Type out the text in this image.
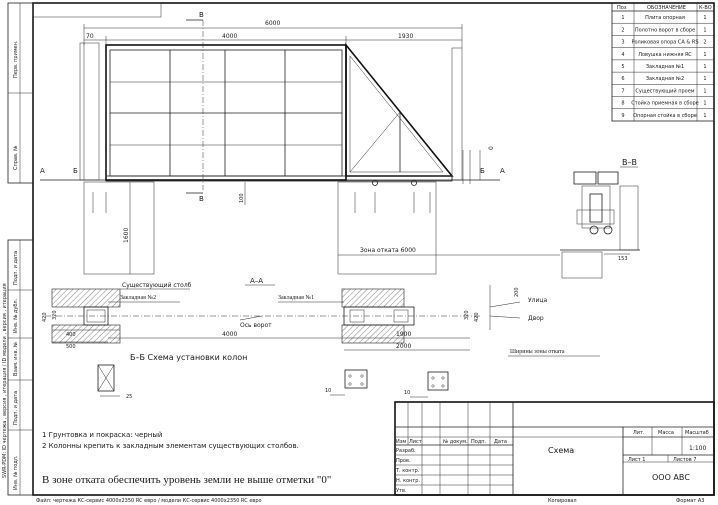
Перв. примен.
Справ. №
SWR-PDM: ID чертежа , версия , итерация / ID модели , версия , итерация
Подп. и дата
Инв. № дубл.
Взам. инв. №
Подп. и дата
Инв. № подл.
Поз	ОБОЗНАЧЕНИЕ	К-ВО
1	Плита опорная	1
2 Полотно ворот в сборе 1
3 Роликовая опора СА & RS 2
4	Ловушка нижняя RC 1
5	Закладная №1	1
6	Закладная №2	1
7 Существующий проем 1
8 Стойка приемная в сборе 1
9 Опорная стойка в сборе 1
6000
70	4000	1930
0
1600
100
В
В
А	Б	Б А
Зона отката 6000
В–В
153
А–А
Ось ворот
Существующий столб
Закладная №2	Закладная №1
420 320
400
500
4000
420
320
1900
2000
200
Улица
Двор
Б–Б Схема установки колон
25
10	10
Ширины зоны отката
1 Грунтовка и покраска: черный
2 Колонны крепить к закладным элементам существующих столбов.
В зоне отката обеспечить уровень земли не выше отметки "0"
Изм Лист	№ докум. Подп. Дата
Разраб.
Пров.
Т. контр.
Н. контр.
Утв.
Схема
Лит.	Масса Масштаб
1:100
Лист 1	Листов 7
ООО АВС
Файл: чертежа КС-сервис 4000x2350 RC евро / модели КС-сервис 4000x2350 RC евро	Копировал	Формат А3
